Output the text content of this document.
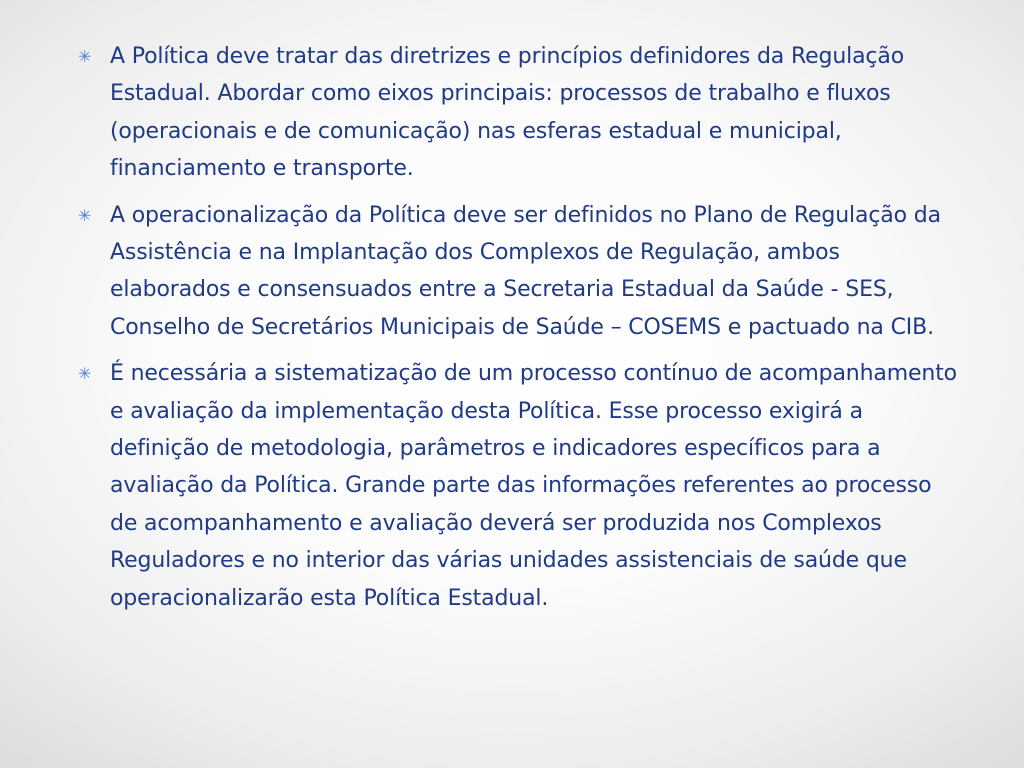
✳ A Política deve tratar das diretrizes e princípios definidores da Regulação Estadual. Abordar como eixos principais: processos de trabalho e fluxos (operacionais e de comunicação) nas esferas estadual e municipal, financiamento e transporte.
✳ A operacionalização da Política deve ser definidos no Plano de Regulação da Assistência e na Implantação dos Complexos de Regulação, ambos elaborados e consensuados entre a Secretaria Estadual da Saúde - SES, Conselho de Secretários Municipais de Saúde – COSEMS e pactuado na CIB.
✳ É necessária a sistematização de um processo contínuo de acompanhamento e avaliação da implementação desta Política. Esse processo exigirá a definição de metodologia, parâmetros e indicadores específicos para a avaliação da Política. Grande parte das informações referentes ao processo de acompanhamento e avaliação deverá ser produzida nos Complexos Reguladores e no interior das várias unidades assistenciais de saúde que operacionalizarão esta Política Estadual.
